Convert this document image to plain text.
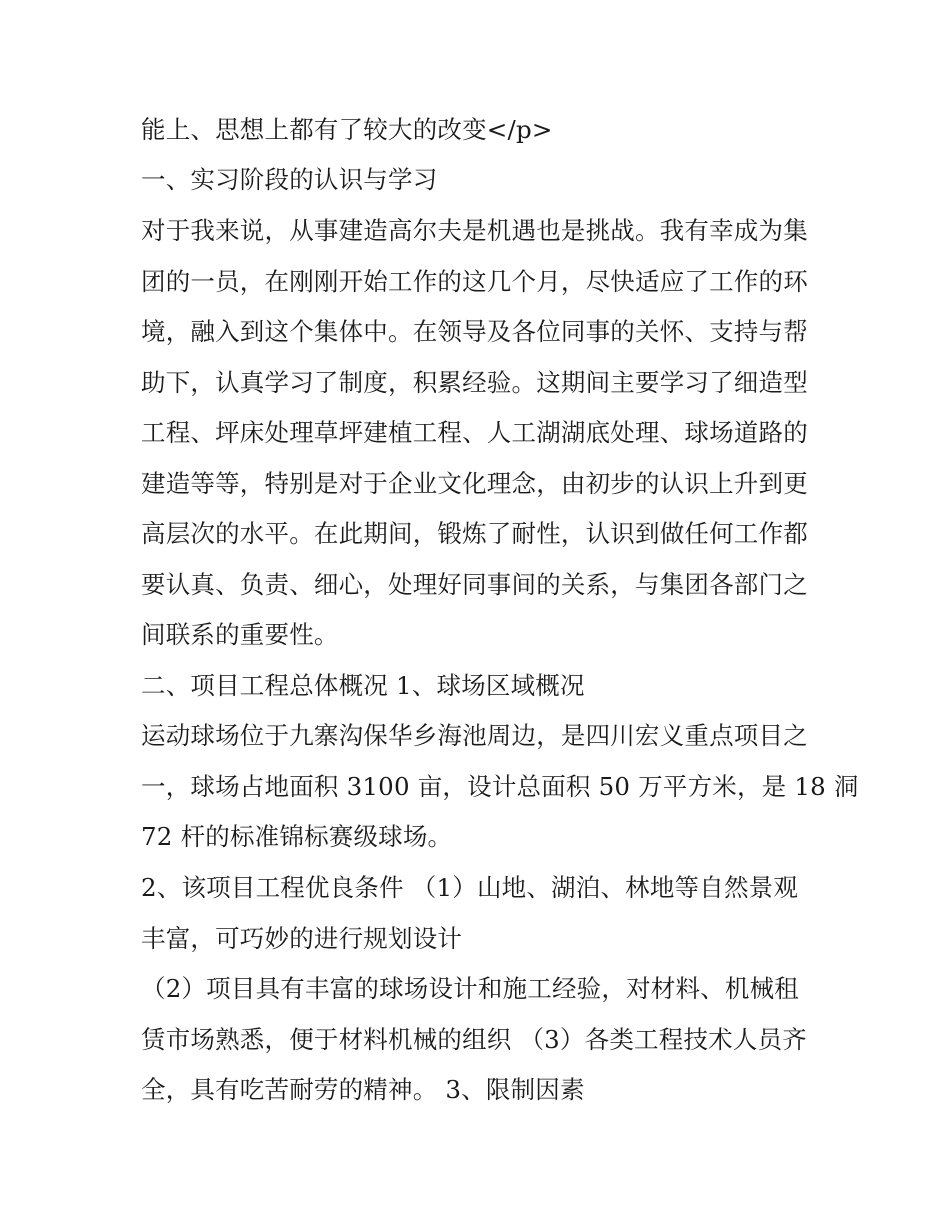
能上、思想上都有了较大的改变</p>
一、实习阶段的认识与学习
对于我来说，从事建造高尔夫是机遇也是挑战。我有幸成为集
团的一员，在刚刚开始工作的这几个月，尽快适应了工作的环
境，融入到这个集体中。在领导及各位同事的关怀、支持与帮
助下，认真学习了制度，积累经验。这期间主要学习了细造型
工程、坪床处理草坪建植工程、人工湖湖底处理、球场道路的
建造等等，特别是对于企业文化理念，由初步的认识上升到更
高层次的水平。在此期间，锻炼了耐性，认识到做任何工作都
要认真、负责、细心，处理好同事间的关系，与集团各部门之
间联系的重要性。
二、项目工程总体概况 1、球场区域概况
运动球场位于九寨沟保华乡海池周边，是四川宏义重点项目之
一，球场占地面积 3100 亩，设计总面积 50 万平方米，是 18 洞
72 杆的标准锦标赛级球场。
2、该项目工程优良条件 （1）山地、湖泊、林地等自然景观
丰富，可巧妙的进行规划设计
（2）项目具有丰富的球场设计和施工经验，对材料、机械租
赁市场熟悉，便于材料机械的组织 （3）各类工程技术人员齐
全，具有吃苦耐劳的精神。 3、限制因素
